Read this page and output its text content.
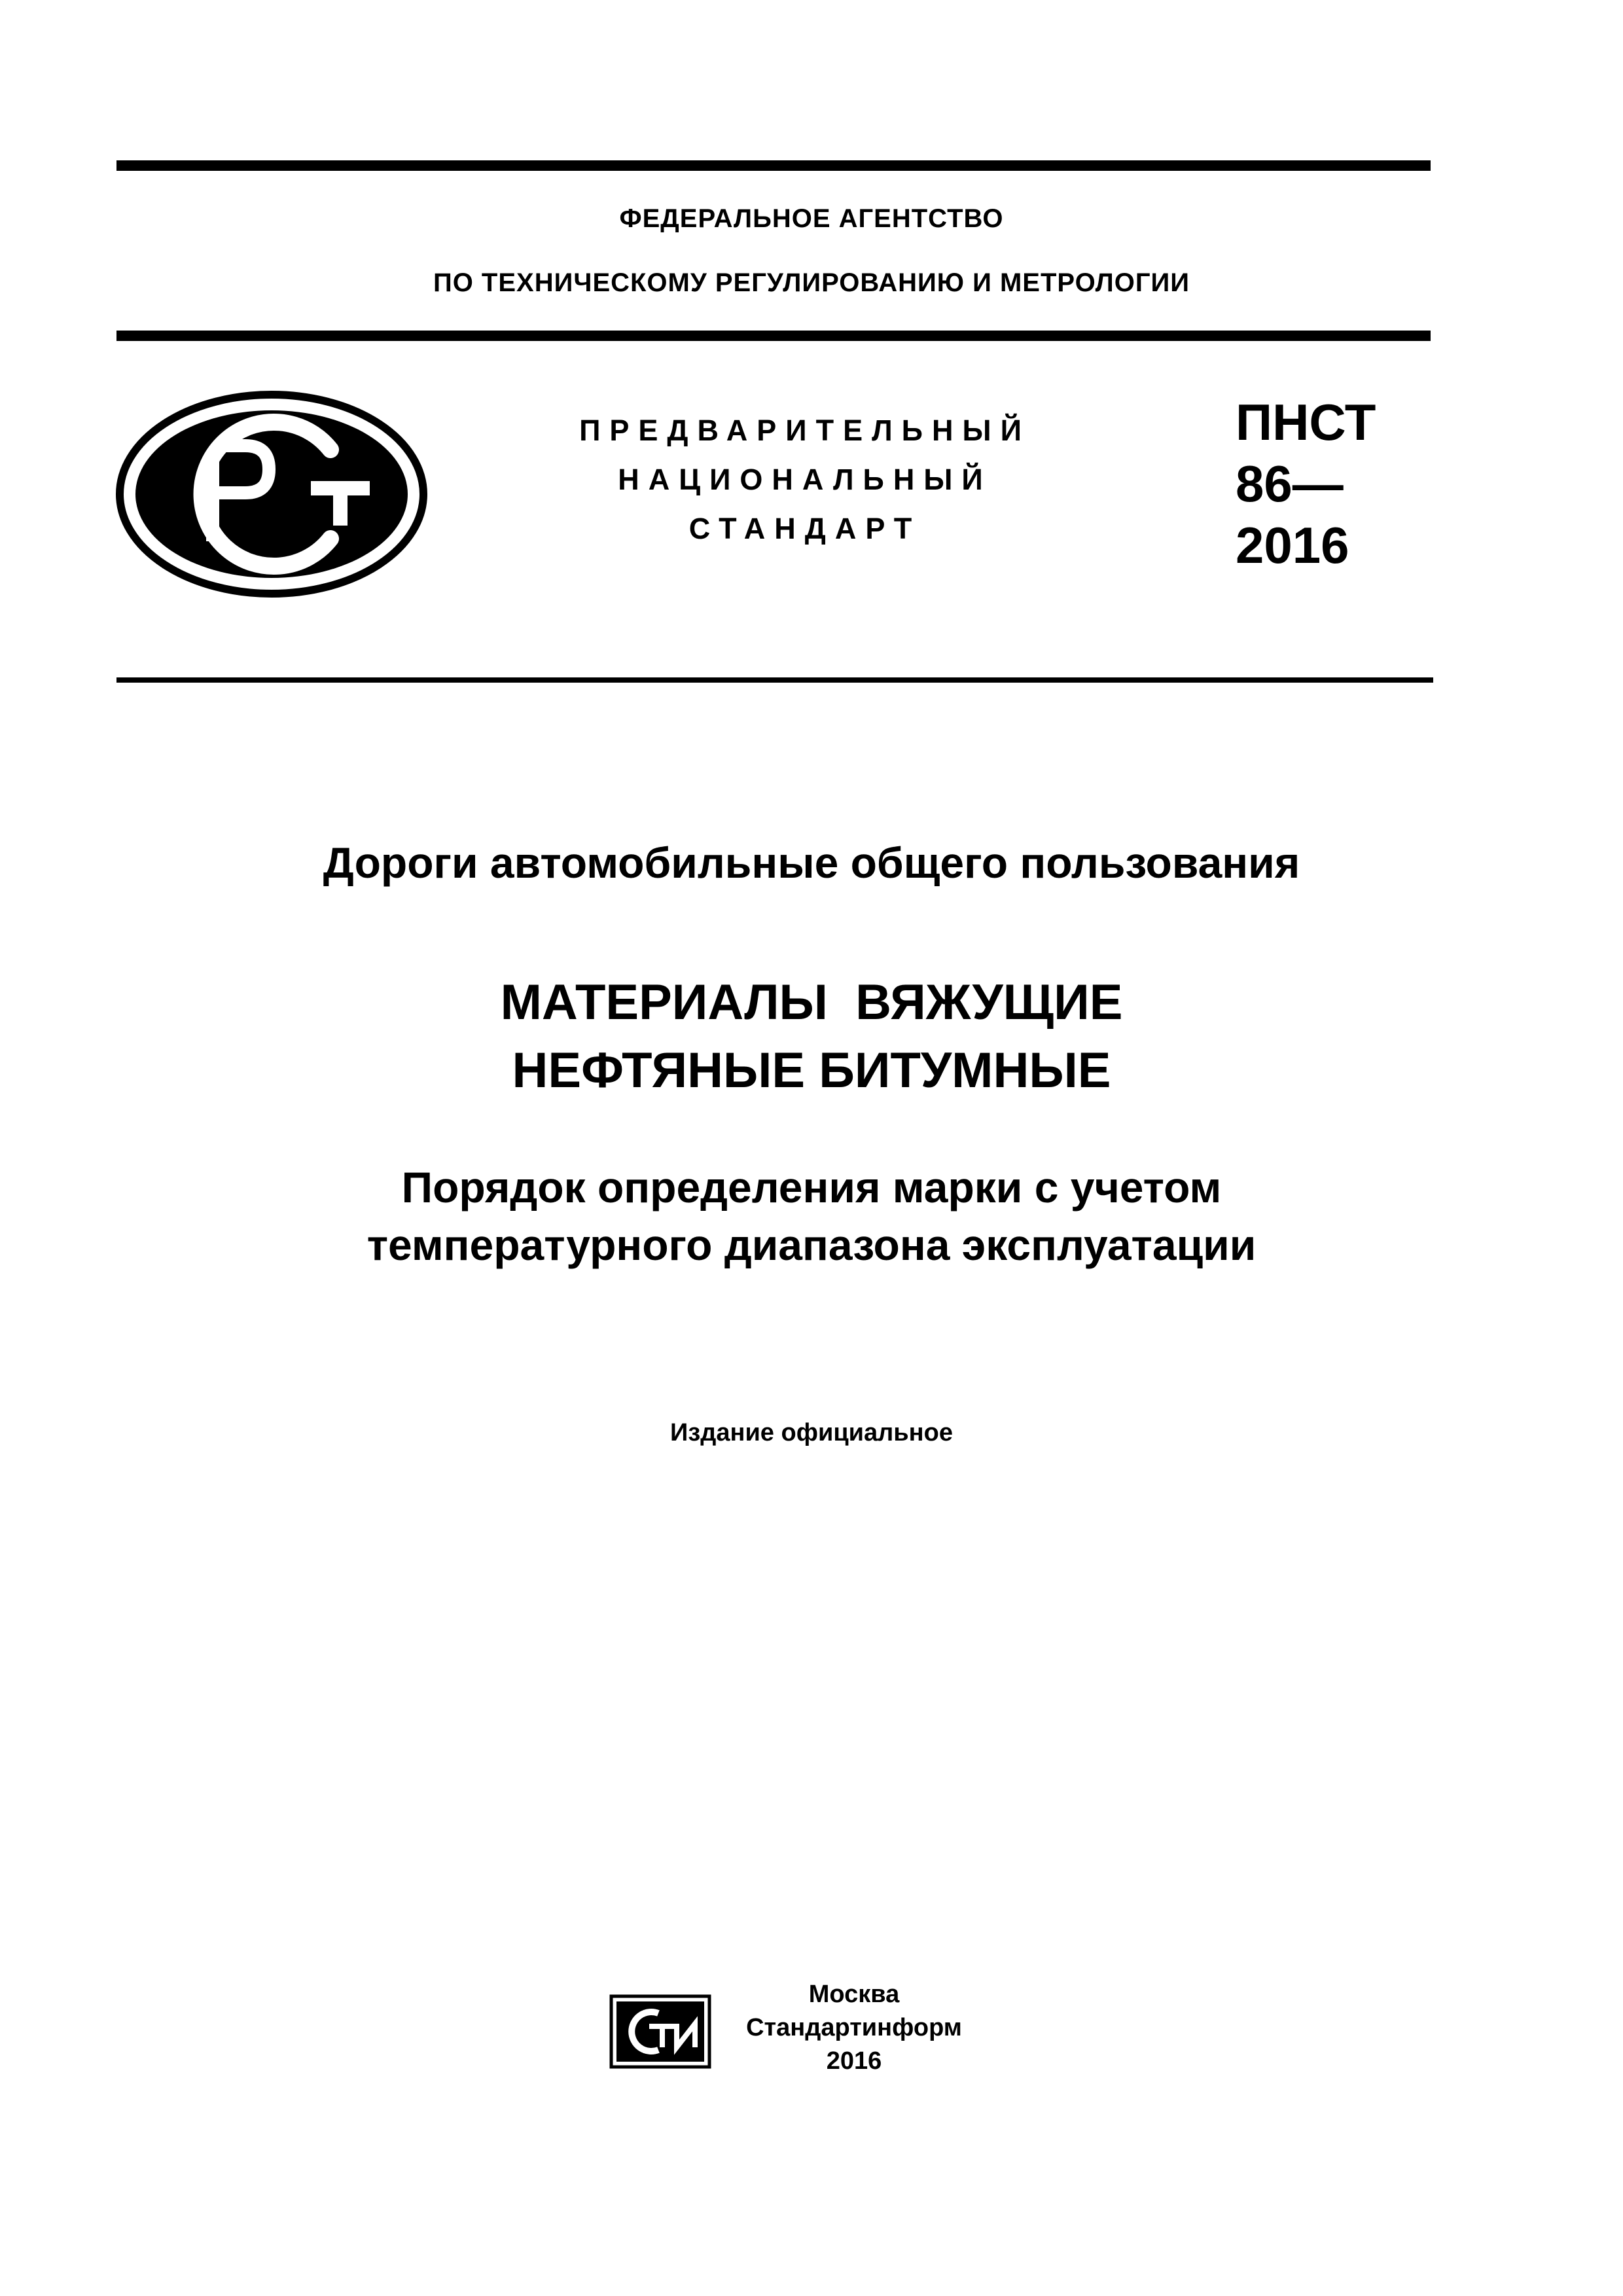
ФЕДЕРАЛЬНОЕ АГЕНТСТВО
ПО ТЕХНИЧЕСКОМУ РЕГУЛИРОВАНИЮ И МЕТРОЛОГИИ
ПРЕДВАРИТЕЛЬНЫЙ
НАЦИОНАЛЬНЫЙ
СТАНДАРТ
ПНСТ
86—
2016
Дороги автомобильные общего пользования
МАТЕРИАЛЫ  ВЯЖУЩИЕ
НЕФТЯНЫЕ БИТУМНЫЕ
Порядок определения марки с учетом
температурного диапазона эксплуатации
Издание официальное
Москва
Стандартинформ
2016
